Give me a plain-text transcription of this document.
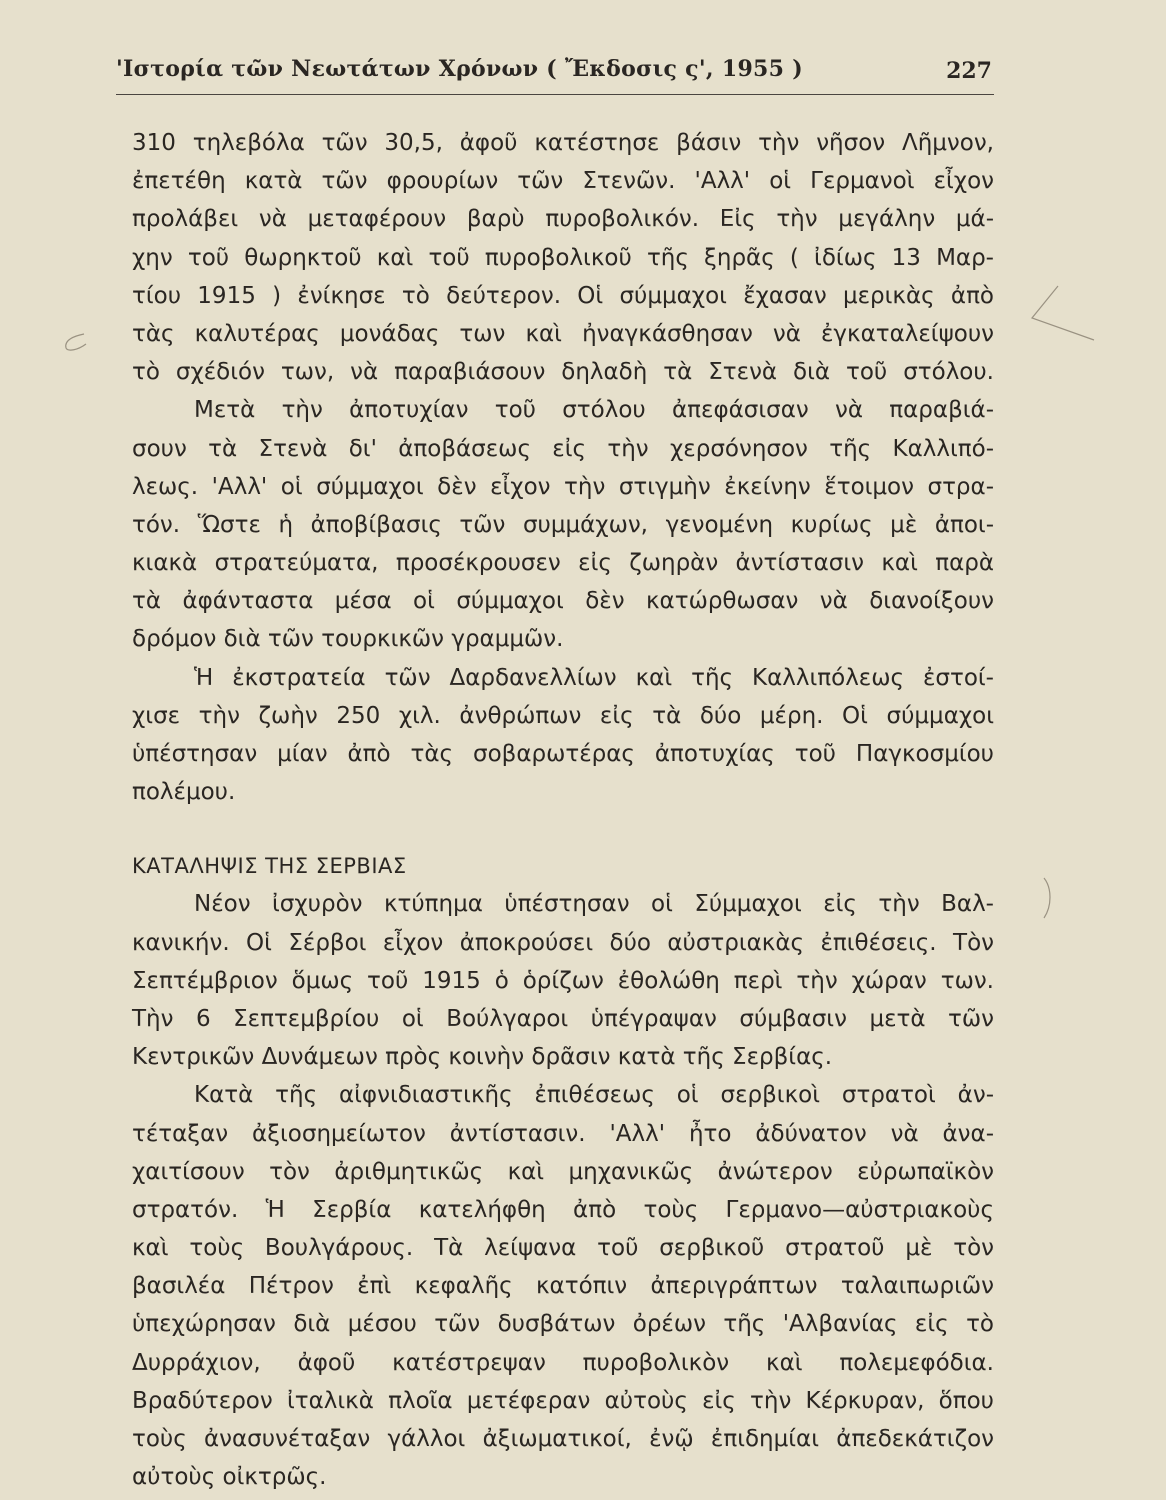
'Ιστορία τῶν Νεωτάτων Χρόνων ( Ἔκδοσις ς', 1955 )	227
310 τηλεβόλα τῶν 30,5, ἀφοῦ κατέστησε βάσιν τὴν νῆσον Λῆμνον,
ἐπετέθη κατὰ τῶν φρουρίων τῶν Στενῶν. 'Αλλ' οἱ Γερμανοὶ εἶχον
προλάβει νὰ μεταφέρουν βαρὺ πυροβολικόν. Εἰς τὴν μεγάλην μά-
χην τοῦ θωρηκτοῦ καὶ τοῦ πυροβολικοῦ τῆς ξηρᾶς ( ἰδίως 13 Μαρ-
τίου 1915 ) ἐνίκησε τὸ δεύτερον. Οἱ σύμμαχοι ἔχασαν μερικὰς ἀπὸ
τὰς καλυτέρας μονάδας των καὶ ἠναγκάσθησαν νὰ ἐγκαταλείψουν
τὸ σχέδιόν των, νὰ παραβιάσουν δηλαδὴ τὰ Στενὰ διὰ τοῦ στόλου.
Μετὰ τὴν ἀποτυχίαν τοῦ στόλου ἀπεφάσισαν νὰ παραβιά-
σουν τὰ Στενὰ δι' ἀποβάσεως εἰς τὴν χερσόνησον τῆς Καλλιπό-
λεως. 'Αλλ' οἱ σύμμαχοι δὲν εἶχον τὴν στιγμὴν ἐκείνην ἕτοιμον στρα-
τόν. Ὥστε ἡ ἀποβίβασις τῶν συμμάχων, γενομένη κυρίως μὲ ἀποι-
κιακὰ στρατεύματα, προσέκρουσεν εἰς ζωηρὰν ἀντίστασιν καὶ παρὰ
τὰ ἀφάνταστα μέσα οἱ σύμμαχοι δὲν κατώρθωσαν νὰ διανοίξουν
δρόμον διὰ τῶν τουρκικῶν γραμμῶν.
Ἡ ἐκστρατεία τῶν Δαρδανελλίων καὶ τῆς Καλλιπόλεως ἐστοί-
χισε τὴν ζωὴν 250 χιλ. ἀνθρώπων εἰς τὰ δύο μέρη. Οἱ σύμμαχοι
ὑπέστησαν μίαν ἀπὸ τὰς σοβαρωτέρας ἀποτυχίας τοῦ Παγκοσμίου
πολέμου.
ΚΑΤΑΛΗΨΙΣ ΤΗΣ ΣΕΡΒΙΑΣ
Νέον ἰσχυρὸν κτύπημα ὑπέστησαν οἱ Σύμμαχοι εἰς τὴν Βαλ-
κανικήν. Οἱ Σέρβοι εἶχον ἀποκρούσει δύο αὐστριακὰς ἐπιθέσεις. Τὸν
Σεπτέμβριον ὅμως τοῦ 1915 ὁ ὁρίζων ἐθολώθη περὶ τὴν χώραν των.
Τὴν 6 Σεπτεμβρίου οἱ Βούλγαροι ὑπέγραψαν σύμβασιν μετὰ τῶν
Κεντρικῶν Δυνάμεων πρὸς κοινὴν δρᾶσιν κατὰ τῆς Σερβίας.
Κατὰ τῆς αἰφνιδιαστικῆς ἐπιθέσεως οἱ σερβικοὶ στρατοὶ ἀν-
τέταξαν ἀξιοσημείωτον ἀντίστασιν. 'Αλλ' ἦτο ἀδύνατον νὰ ἀνα-
χαιτίσουν τὸν ἀριθμητικῶς καὶ μηχανικῶς ἀνώτερον εὐρωπαϊκὸν
στρατόν. Ἡ Σερβία κατελήφθη ἀπὸ τοὺς Γερμανο—αὐστριακοὺς
καὶ τοὺς Βουλγάρους. Τὰ λείψανα τοῦ σερβικοῦ στρατοῦ μὲ τὸν
βασιλέα Πέτρον ἐπὶ κεφαλῆς κατόπιν ἀπεριγράπτων ταλαιπωριῶν
ὑπεχώρησαν διὰ μέσου τῶν δυσβάτων ὀρέων τῆς 'Αλβανίας εἰς τὸ
Δυρράχιον, ἀφοῦ κατέστρεψαν πυροβολικὸν καὶ πολεμεφόδια.
Βραδύτερον ἰταλικὰ πλοῖα μετέφεραν αὐτοὺς εἰς τὴν Κέρκυραν, ὅπου
τοὺς ἀνασυνέταξαν γάλλοι ἀξιωματικοί, ἐνῷ ἐπιδημίαι ἀπεδεκάτιζον
αὐτοὺς οἰκτρῶς.
